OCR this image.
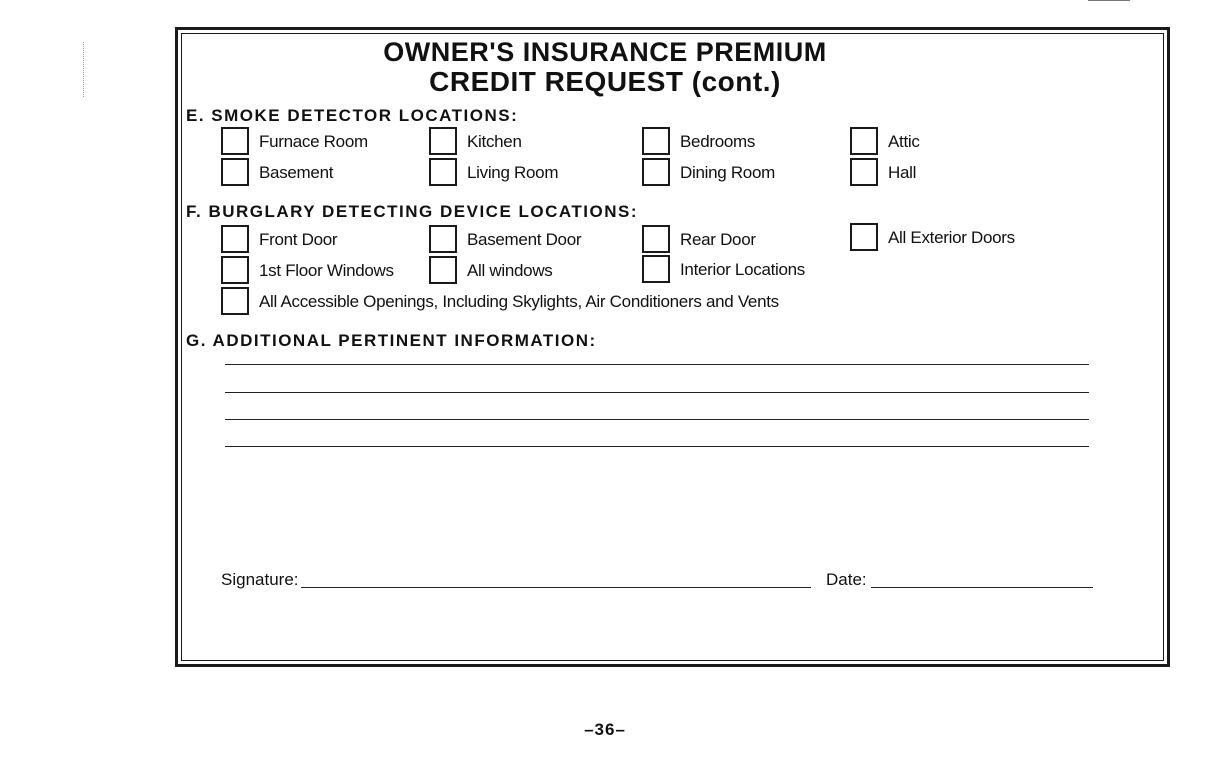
OWNER'S INSURANCE PREMIUM
CREDIT REQUEST (cont.)
E. SMOKE DETECTOR LOCATIONS:
Furnace Room	Kitchen	Bedrooms	Attic
Basement	Living Room	Dining Room	Hall
F. BURGLARY DETECTING DEVICE LOCATIONS:
Front Door	Basement Door	Rear Door	All Exterior Doors
1st Floor Windows	All windows	Interior Locations
All Accessible Openings, Including Skylights, Air Conditioners and Vents
G. ADDITIONAL PERTINENT INFORMATION:
Signature:	Date:
–36–
